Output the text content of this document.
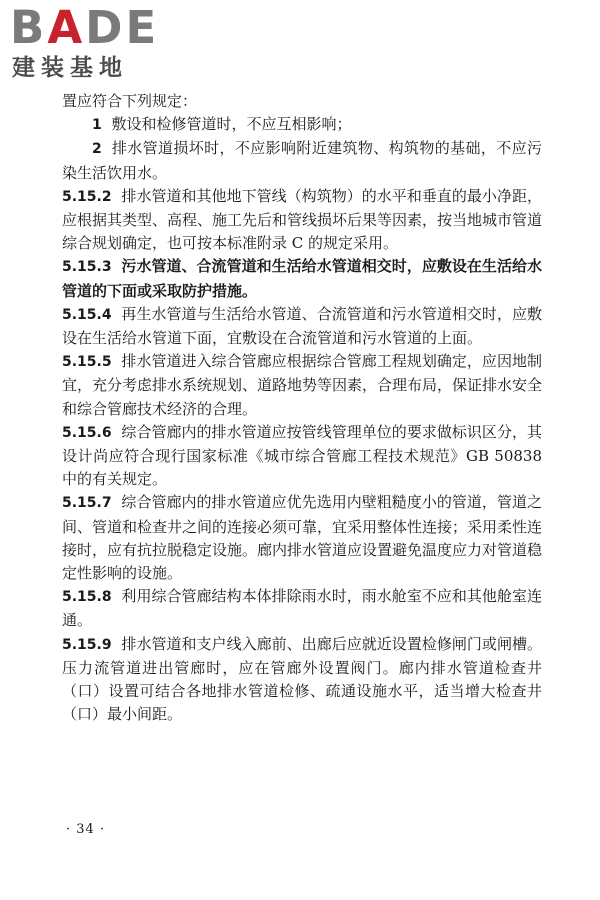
BADE
建装基地

置应符合下列规定：

1 敷设和检修管道时，不应互相影响；

2 排水管道损坏时，不应影响附近建筑物、构筑物的基础，不应污染生活饮用水。

5.15.2 排水管道和其他地下管线（构筑物）的水平和垂直的最小净距，应根据其类型、高程、施工先后和管线损坏后果等因素，按当地城市管道综合规划确定，也可按本标准附录 C 的规定采用。

5.15.3 污水管道、合流管道和生活给水管道相交时，应敷设在生活给水管道的下面或采取防护措施。

5.15.4 再生水管道与生活给水管道、合流管道和污水管道相交时，应敷设在生活给水管道下面，宜敷设在合流管道和污水管道的上面。

5.15.5 排水管道进入综合管廊应根据综合管廊工程规划确定，应因地制宜，充分考虑排水系统规划、道路地势等因素，合理布局，保证排水安全和综合管廊技术经济的合理。

5.15.6 综合管廊内的排水管道应按管线管理单位的要求做标识区分，其设计尚应符合现行国家标准《城市综合管廊工程技术规范》GB 50838 中的有关规定。

5.15.7 综合管廊内的排水管道应优先选用内壁粗糙度小的管道，管道之间、管道和检查井之间的连接必须可靠，宜采用整体性连接；采用柔性连接时，应有抗拉脱稳定设施。廊内排水管道应设置避免温度应力对管道稳定性影响的设施。

5.15.8 利用综合管廊结构本体排除雨水时，雨水舱室不应和其他舱室连通。

5.15.9 排水管道和支户线入廊前、出廊后应就近设置检修闸门或闸槽。压力流管道进出管廊时，应在管廊外设置阀门。廊内排水管道检查井（口）设置可结合各地排水管道检修、疏通设施水平，适当增大检查井（口）最小间距。

· 34 ·
